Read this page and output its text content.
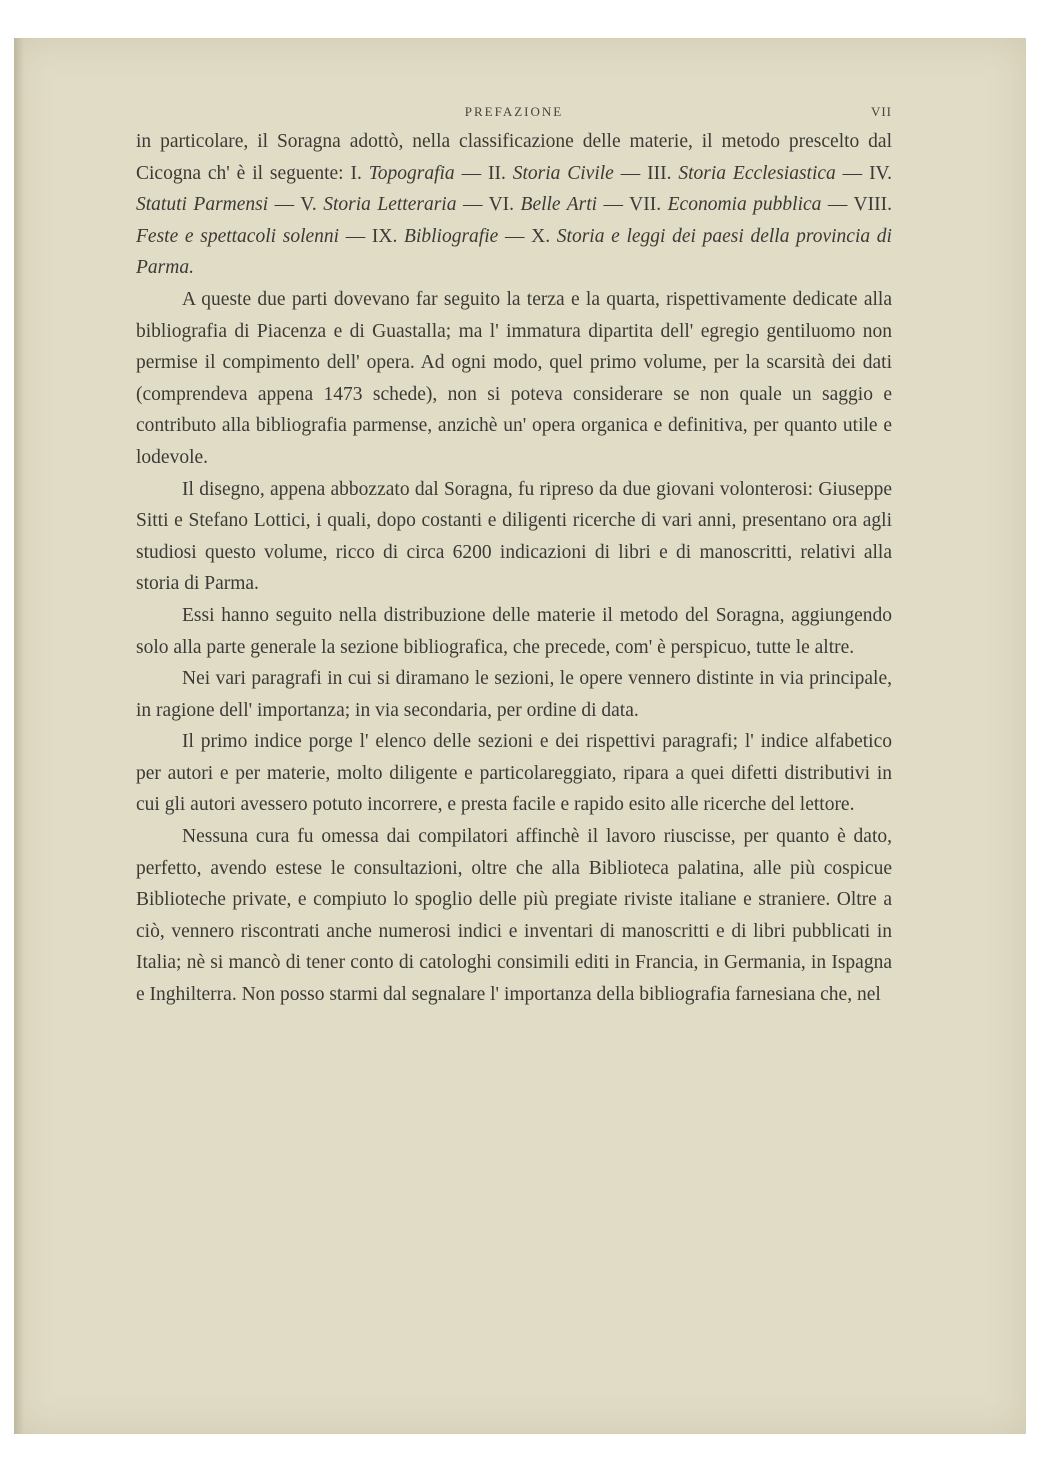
PREFAZIONE	VII

in particolare, il Soragna adottò, nella classificazione delle materie, il metodo prescelto dal Cicogna ch' è il seguente: I. Topografia — II. Storia Civile — III. Storia Ecclesiastica — IV. Statuti Parmensi — V. Storia Letteraria — VI. Belle Arti — VII. Economia pubblica — VIII. Feste e spettacoli solenni — IX. Bibliografie — X. Storia e leggi dei paesi della provincia di Parma.

A queste due parti dovevano far seguito la terza e la quarta, rispettivamente dedicate alla bibliografia di Piacenza e di Guastalla; ma l' immatura dipartita dell' egregio gentiluomo non permise il compimento dell' opera. Ad ogni modo, quel primo volume, per la scarsità dei dati (comprendeva appena 1473 schede), non si poteva considerare se non quale un saggio e contributo alla bibliografia parmense, anzichè un' opera organica e definitiva, per quanto utile e lodevole.

Il disegno, appena abbozzato dal Soragna, fu ripreso da due giovani volonterosi: Giuseppe Sitti e Stefano Lottici, i quali, dopo costanti e diligenti ricerche di vari anni, presentano ora agli studiosi questo volume, ricco di circa 6200 indicazioni di libri e di manoscritti, relativi alla storia di Parma.

Essi hanno seguito nella distribuzione delle materie il metodo del Soragna, aggiungendo solo alla parte generale la sezione bibliografica, che precede, com' è perspicuo, tutte le altre.

Nei vari paragrafi in cui si diramano le sezioni, le opere vennero distinte in via principale, in ragione dell' importanza; in via secondaria, per ordine di data.

Il primo indice porge l' elenco delle sezioni e dei rispettivi paragrafi; l' indice alfabetico per autori e per materie, molto diligente e particolareggiato, ripara a quei difetti distributivi in cui gli autori avessero potuto incorrere, e presta facile e rapido esito alle ricerche del lettore.

Nessuna cura fu omessa dai compilatori affinchè il lavoro riuscisse, per quanto è dato, perfetto, avendo estese le consultazioni, oltre che alla Biblioteca palatina, alle più cospicue Biblioteche private, e compiuto lo spoglio delle più pregiate riviste italiane e straniere. Oltre a ciò, vennero riscontrati anche numerosi indici e inventari di manoscritti e di libri pubblicati in Italia; nè si mancò di tener conto di catologhi consimili editi in Francia, in Germania, in Ispagna e Inghilterra. Non posso starmi dal segnalare l' importanza della bibliografia farnesiana che, nel
